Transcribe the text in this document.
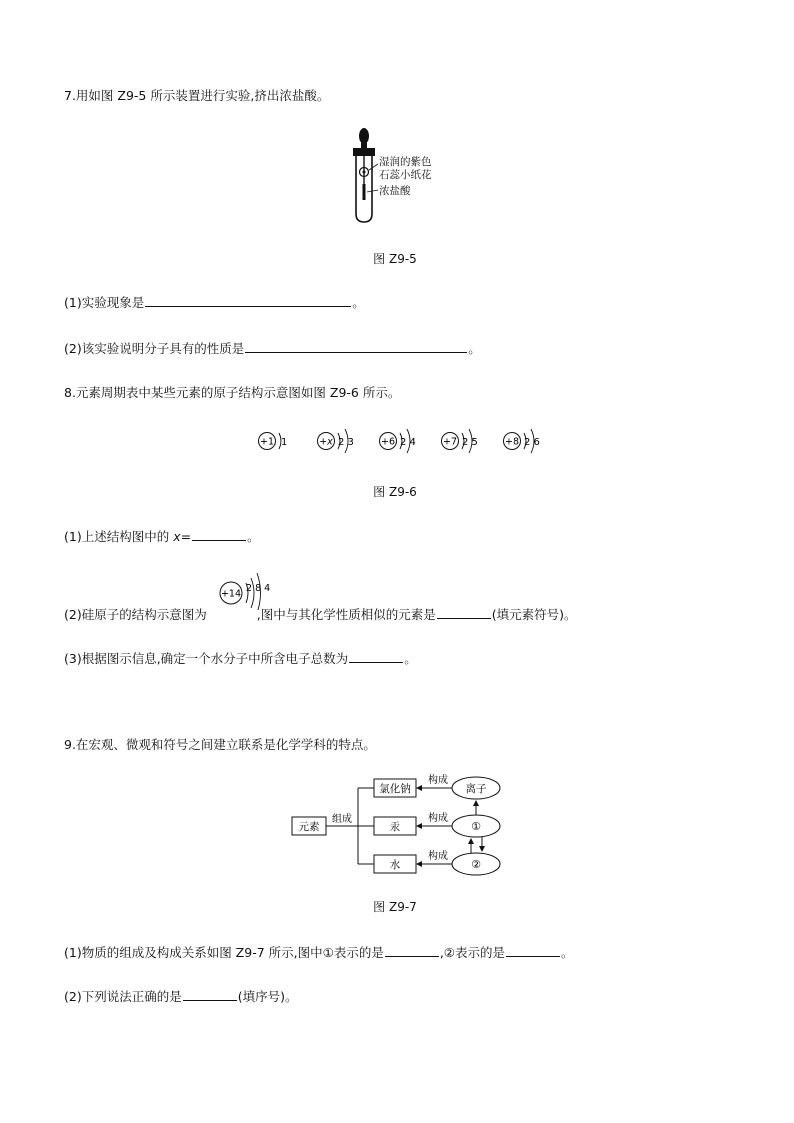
7.用如图 Z9-5 所示装置进行实验,挤出浓盐酸。
湿润的紫色
石蕊小纸花
浓盐酸
图 Z9-5
(1)实验现象是	。
(2)该实验说明分子具有的性质是	。
8.元素周期表中某些元素的原子结构示意图如图 Z9-6 所示。
+1 1	+x 2 3	+6 2 4	+7 2 5	+8 2 6
图 Z9-6
(1)上述结构图中的 x=	。
(2)硅原子的结构示意图为	,图中与其化学性质相似的元素是	(填元素符号)。
+14 2 8 4
(3)根据图示信息,确定一个水分子中所含电子总数为	。
9.在宏观、微观和符号之间建立联系是化学学科的特点。
元素
组成
氯化钠
汞
水
离子
①
②
构成
构成
构成
图 Z9-7
(1)物质的组成及构成关系如图 Z9-7 所示,图中①表示的是	,②表示的是	。
(2)下列说法正确的是	(填序号)。
